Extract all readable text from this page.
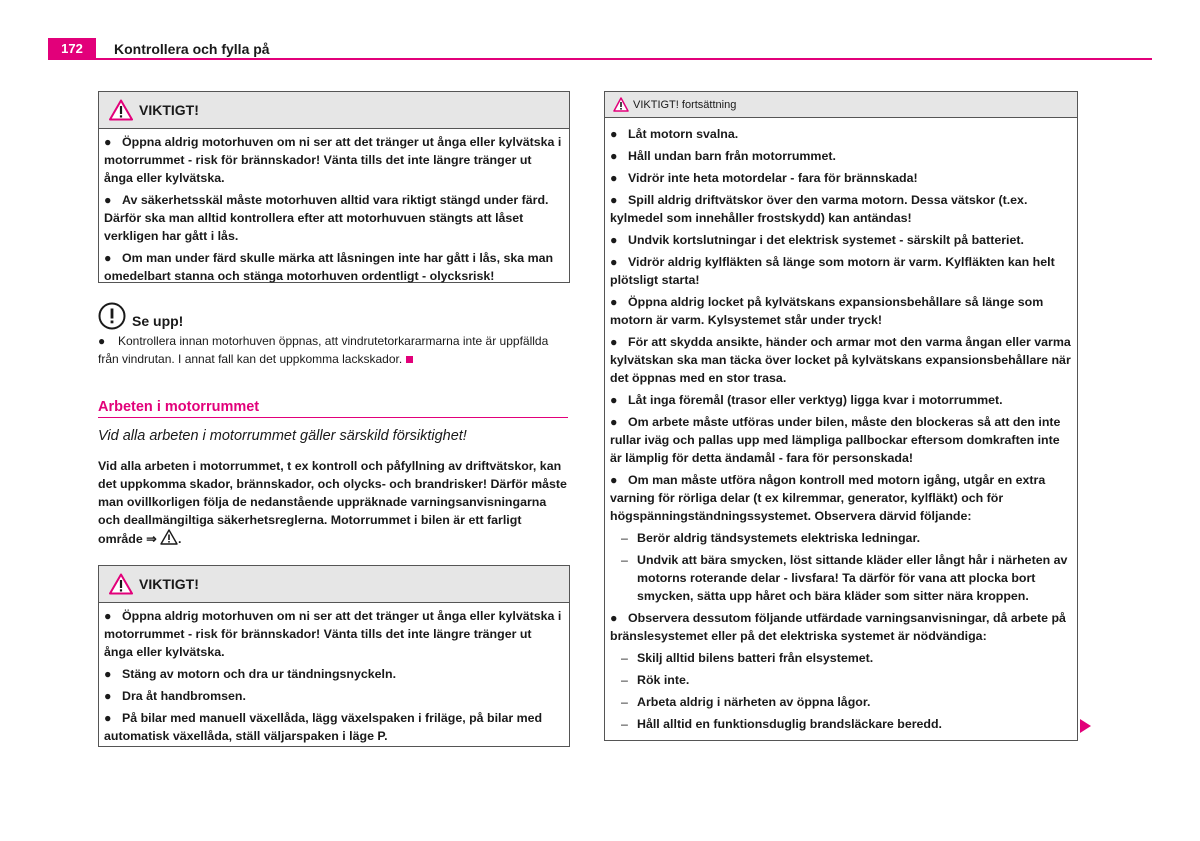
172	Kontrollera och fylla på
VIKTIGT!

● Öppna aldrig motorhuven om ni ser att det tränger ut ånga eller kylvätska i motorrummet - risk för brännskador! Vänta tills det inte längre tränger ut ånga eller kylvätska.

● Av säkerhetsskäl måste motorhuven alltid vara riktigt stängd under färd. Därför ska man alltid kontrollera efter att motorhuvuen stängts att låset verkligen har gått i lås.

● Om man under färd skulle märka att låsningen inte har gått i lås, ska man omedelbart stanna och stänga motorhuven ordentligt - olycksrisk!

Se upp!

● Kontrollera innan motorhuven öppnas, att vindrutetorkararmarna inte är uppfällda från vindrutan. I annat fall kan det uppkomma lackskador.

Arbeten i motorrummet
Vid alla arbeten i motorrummet gäller särskild försiktighet!

Vid alla arbeten i motorrummet, t ex kontroll och påfyllning av driftvätskor, kan det uppkomma skador, brännskador, och olycks- och brandrisker! Därför måste man ovillkorligen följa de nedanstående uppräknade varningsanvisningarna och deallmängiltiga säkerhetsreglerna. Motorrummet i bilen är ett farligt område ⇒ .

VIKTIGT!

● Öppna aldrig motorhuven om ni ser att det tränger ut ånga eller kylvätska i motorrummet - risk för brännskador! Vänta tills det inte längre tränger ut ånga eller kylvätska.

● Stäng av motorn och dra ur tändningsnyckeln.

● Dra åt handbromsen.

● På bilar med manuell växellåda, lägg växelspaken i friläge, på bilar med automatisk växellåda, ställ väljarspaken i läge P.

VIKTIGT! fortsättning

● Låt motorn svalna.

● Håll undan barn från motorrummet.

● Vidrör inte heta motordelar - fara för brännskada!

● Spill aldrig driftvätskor över den varma motorn. Dessa vätskor (t.ex. kylmedel som innehåller frostskydd) kan antändas!

● Undvik kortslutningar i det elektrisk systemet - särskilt på batteriet.

● Vidrör aldrig kylfläkten så länge som motorn är varm. Kylfläkten kan helt plötsligt starta!

● Öppna aldrig locket på kylvätskans expansionsbehållare så länge som motorn är varm. Kylsystemet står under tryck!

● För att skydda ansikte, händer och armar mot den varma ångan eller varma kylvätskan ska man täcka över locket på kylvätskans expansionsbehållare när det öppnas med en stor trasa.

● Låt inga föremål (trasor eller verktyg) ligga kvar i motorrummet.

● Om arbete måste utföras under bilen, måste den blockeras så att den inte rullar iväg och pallas upp med lämpliga pallbockar eftersom domkraften inte är lämplig för detta ändamål - fara för personskada!

● Om man måste utföra någon kontroll med motorn igång, utgår en extra varning för rörliga delar (t ex kilremmar, generator, kylfläkt) och för högspänningständningssystemet. Observera därvid följande:

– Berör aldrig tändsystemets elektriska ledningar.

– Undvik att bära smycken, löst sittande kläder eller långt hår i närheten av motorns roterande delar - livsfara! Ta därför för vana att plocka bort smycken, sätta upp håret och bära kläder som sitter nära kroppen.

● Observera dessutom följande utfärdade varningsanvisningar, då arbete på bränslesystemet eller på det elektriska systemet är nödvändiga:

– Skilj alltid bilens batteri från elsystemet.

– Rök inte.

– Arbeta aldrig i närheten av öppna lågor.

– Håll alltid en funktionsduglig brandsläckare beredd.
